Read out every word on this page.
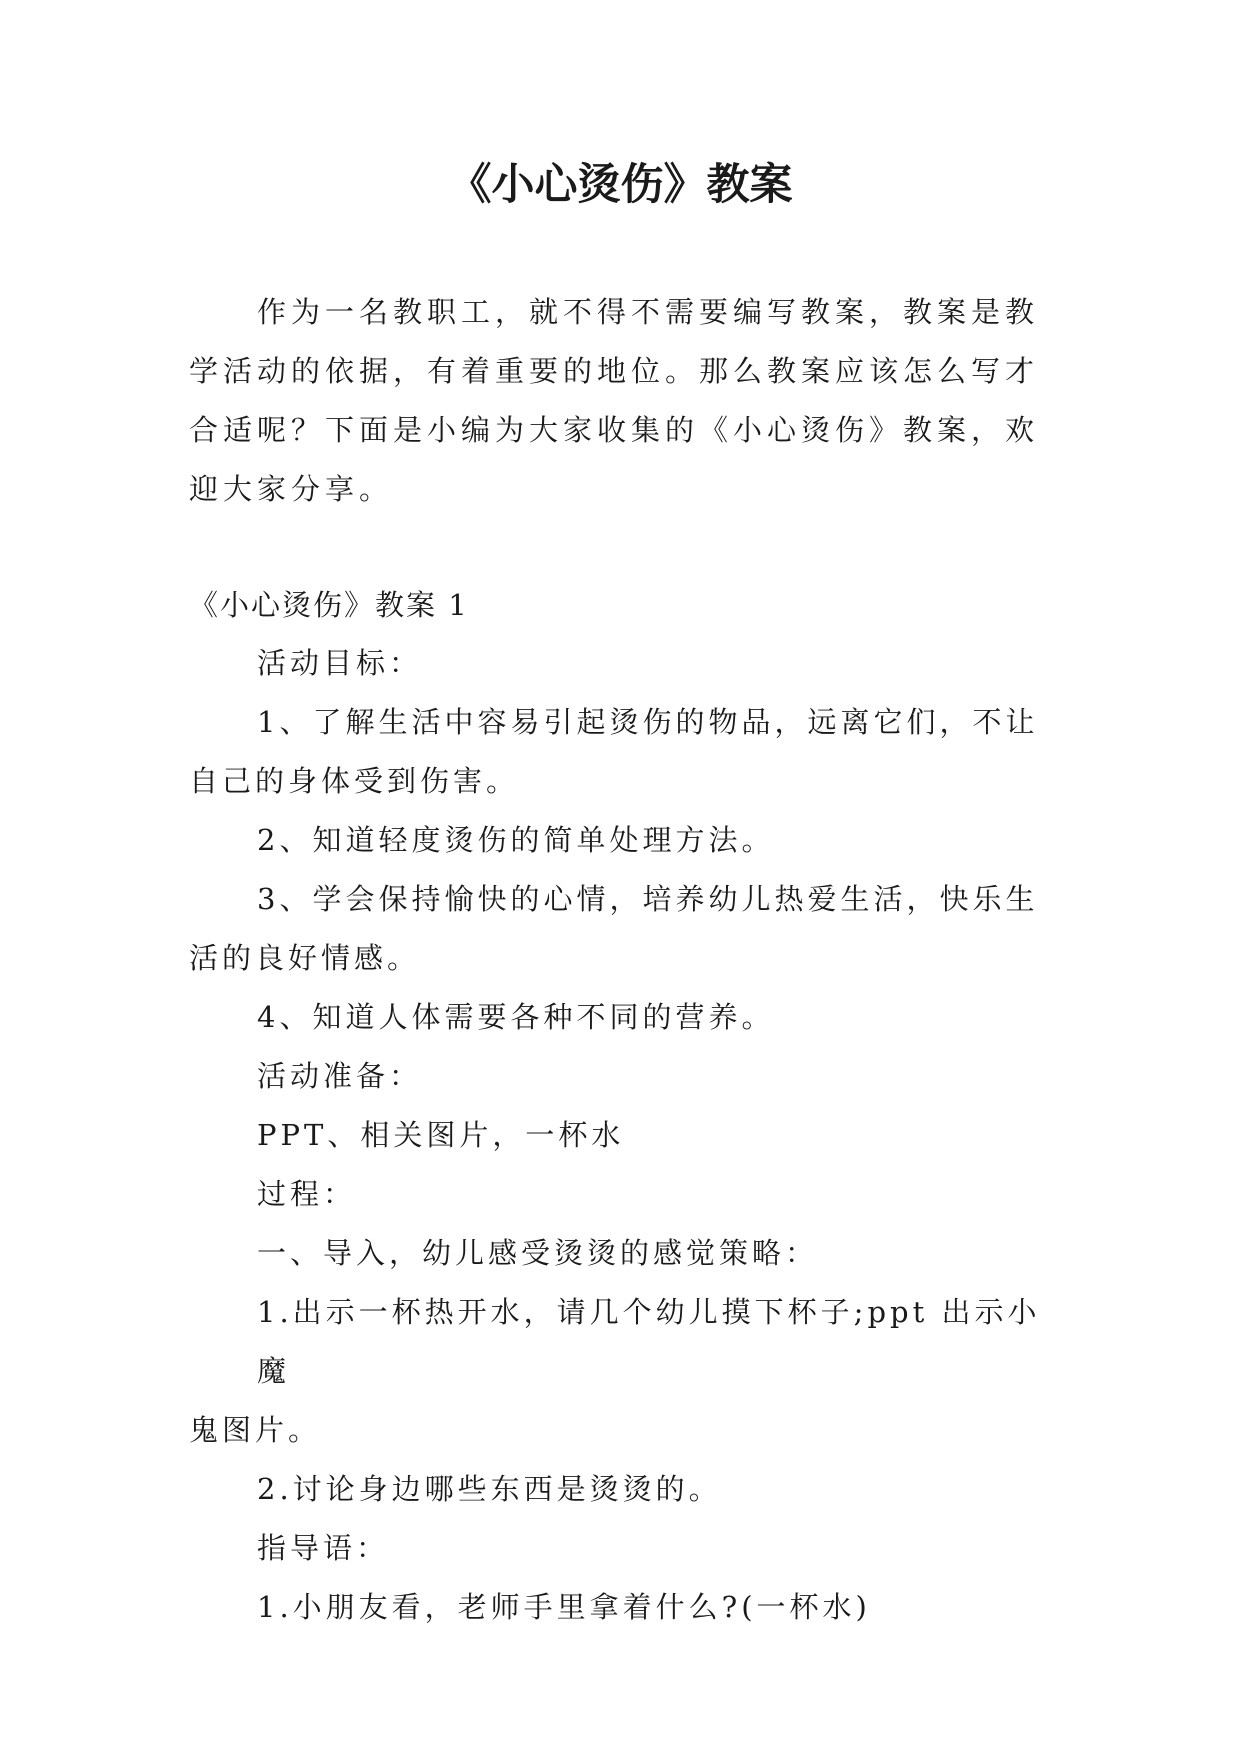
《小心烫伤》教案

作为一名教职工，就不得不需要编写教案，教案是教学活动的依据，有着重要的地位。那么教案应该怎么写才合适呢？下面是小编为大家收集的《小心烫伤》教案，欢迎大家分享。

《小心烫伤》教案 1

活动目标：
1、了解生活中容易引起烫伤的物品，远离它们，不让
自己的身体受到伤害。
2、知道轻度烫伤的简单处理方法。
3、学会保持愉快的心情，培养幼儿热爱生活，快乐生
活的良好情感。
4、知道人体需要各种不同的营养。
活动准备：
PPT、相关图片，一杯水
过程：
一、导入，幼儿感受烫烫的感觉策略：
1.出示一杯热开水，请几个幼儿摸下杯子;ppt 出示小魔
鬼图片。
2.讨论身边哪些东西是烫烫的。
指导语：
1.小朋友看，老师手里拿着什么?(一杯水)
